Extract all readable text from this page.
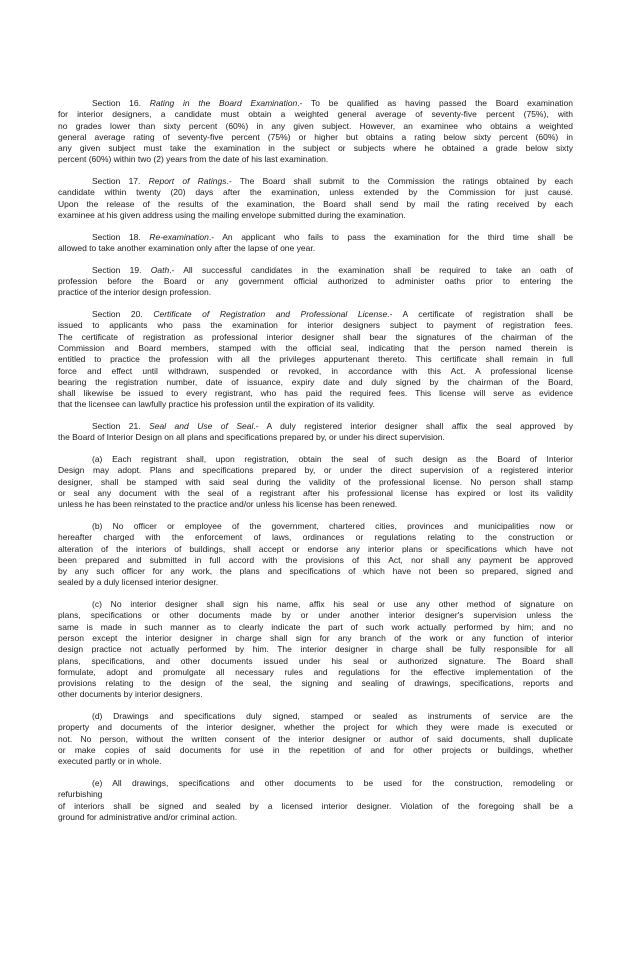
Section 16. Rating in the Board Examination.- To be qualified as having passed the Board examination
for interior designers, a candidate must obtain a weighted general average of seventy-five percent (75%), with
no grades lower than sixty percent (60%) in any given subject. However, an examinee who obtains a weighted
general average rating of seventy-five percent (75%) or higher but obtains a rating below sixty percent (60%) in
any given subject must take the examination in the subject or subjects where he obtained a grade below sixty
percent (60%) within two (2) years from the date of his last examination.
Section 17. Report of Ratings.- The Board shall submit to the Commission the ratings obtained by each
candidate within twenty (20) days after the examination, unless extended by the Commission for just cause.
Upon the release of the results of the examination, the Board shall send by mail the rating received by each
examinee at his given address using the mailing envelope submitted during the examination.
Section 18. Re-examination.- An applicant who fails to pass the examination for the third time shall be
allowed to take another examination only after the lapse of one year.
Section 19. Oath.- All successful candidates in the examination shall be required to take an oath of
profession before the Board or any government official authorized to administer oaths prior to entering the
practice of the interior design profession.
Section 20. Certificate of Registration and Professional License.- A certificate of registration shall be
issued to applicants who pass the examination for interior designers subject to payment of registration fees.
The certificate of registration as professional interior designer shall bear the signatures of the chairman of the
Commission and Board members, stamped with the official seal, indicating that the person named therein is
entitled to practice the profession with all the privileges appurtenant thereto. This certificate shall remain in full
force and effect until withdrawn, suspended or revoked, in accordance with this Act. A professional license
bearing the registration number, date of issuance, expiry date and duly signed by the chairman of the Board,
shall likewise be issued to every registrant, who has paid the required fees. This license will serve as evidence
that the licensee can lawfully practice his profession until the expiration of its validity.
Section 21. Seal and Use of Seal.- A duly registered interior designer shall affix the seal approved by
the Board of Interior Design on all plans and specifications prepared by, or under his direct supervision.
(a) Each registrant shall, upon registration, obtain the seal of such design as the Board of Interior
Design may adopt. Plans and specifications prepared by, or under the direct supervision of a registered interior
designer, shall be stamped with said seal during the validity of the professional license. No person shall stamp
or seal any document with the seal of a registrant after his professional license has expired or lost its validity
unless he has been reinstated to the practice and/or unless his license has been renewed.
(b) No officer or employee of the government, chartered cities, provinces and municipalities now or
hereafter charged with the enforcement of laws, ordinances or regulations relating to the construction or
alteration of the interiors of buildings, shall accept or endorse any interior plans or specifications which have not
been prepared and submitted in full accord with the provisions of this Act, nor shall any payment be approved
by any such officer for any work, the plans and specifications of which have not been so prepared, signed and
sealed by a duly licensed interior designer.
(c) No interior designer shall sign his name, affix his seal or use any other method of signature on
plans, specifications or other documents made by or under another interior designer's supervision unless the
same is made in such manner as to clearly indicate the part of such work actually performed by him; and no
person except the interior designer in charge shall sign for any branch of the work or any function of interior
design practice not actually performed by him. The interior designer in charge shall be fully responsible for all
plans, specifications, and other documents issued under his seal or authorized signature. The Board shall
formulate, adopt and promulgate all necessary rules and regulations for the effective implementation of the
provisions relating to the design of the seal, the signing and sealing of drawings, specifications, reports and
other documents by interior designers.
(d) Drawings and specifications duly signed, stamped or sealed as instruments of service are the
property and documents of the interior designer, whether the project for which they were made is executed or
not. No person, without the written consent of the interior designer or author of said documents, shall duplicate
or make copies of said documents for use in the repetition of and for other projects or buildings, whether
executed partly or in whole.
(e) All drawings, specifications and other documents to be used for the construction, remodeling or
refurbishing
of interiors shall be signed and sealed by a licensed interior designer. Violation of the foregoing shall be a
ground for administrative and/or criminal action.
